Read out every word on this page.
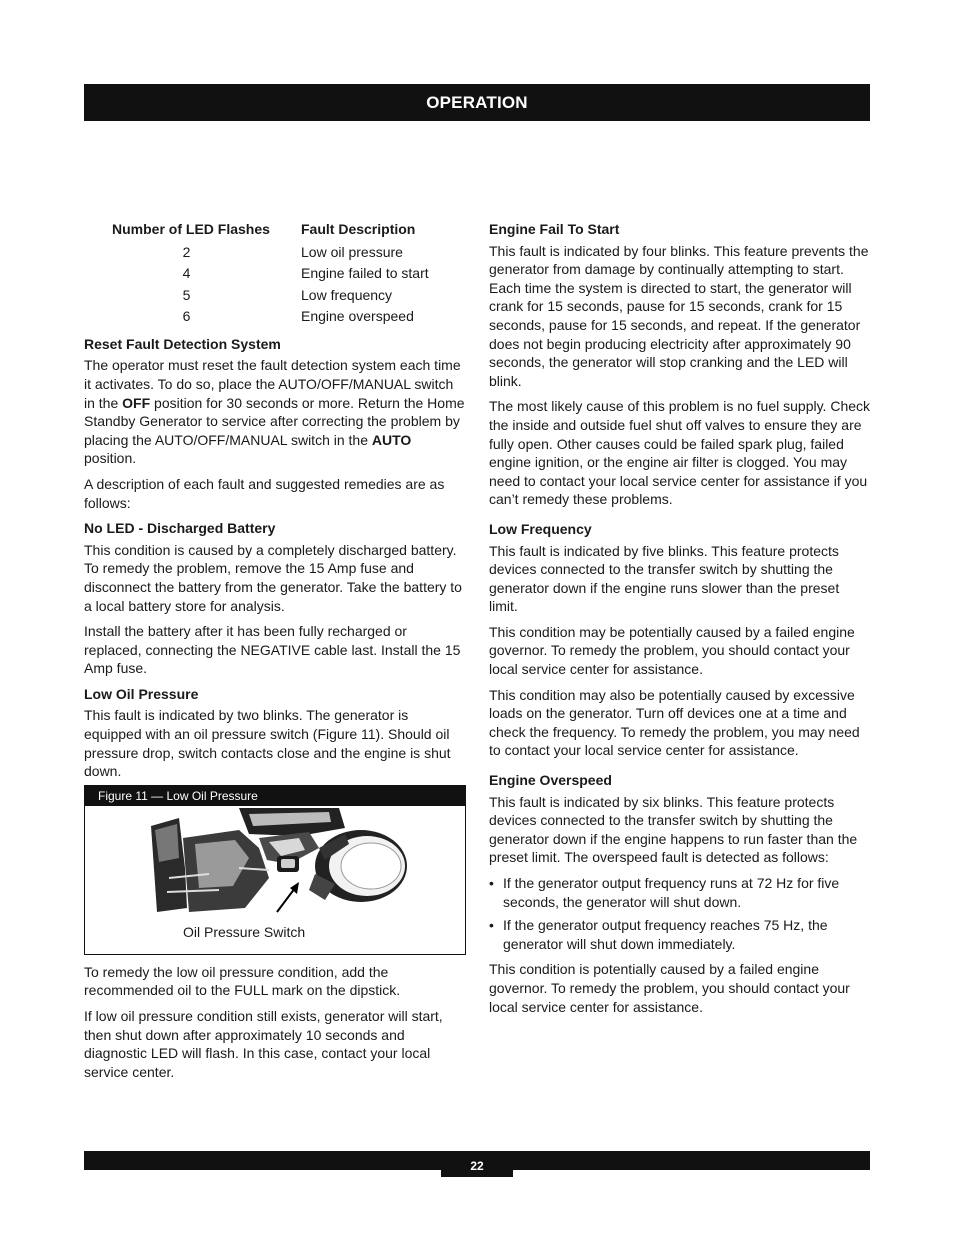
OPERATION
Number of LED Flashes	Fault Description
2	Low oil pressure
4	Engine failed to start
5	Low frequency
6	Engine overspeed
Reset Fault Detection System

The operator must reset the fault detection system each time it activates. To do so, place the AUTO/OFF/MANUAL switch in the OFF position for 30 seconds or more. Return the Home Standby Generator to service after correcting the problem by placing the AUTO/OFF/MANUAL switch in the AUTO position.

A description of each fault and suggested remedies are as follows:

No LED - Discharged Battery

This condition is caused by a completely discharged battery. To remedy the problem, remove the 15 Amp fuse and disconnect the battery from the generator. Take the battery to a local battery store for analysis.

Install the battery after it has been fully recharged or replaced, connecting the NEGATIVE cable last. Install the 15 Amp fuse.

Low Oil Pressure

This fault is indicated by two blinks. The generator is equipped with an oil pressure switch (Figure 11). Should oil pressure drop, switch contacts close and the engine is shut down.

Figure 11 — Low Oil Pressure
Oil Pressure Switch

To remedy the low oil pressure condition, add the recommended oil to the FULL mark on the dipstick.

If low oil pressure condition still exists, generator will start, then shut down after approximately 10 seconds and diagnostic LED will flash. In this case, contact your local service center.

Engine Fail To Start

This fault is indicated by four blinks. This feature prevents the generator from damage by continually attempting to start. Each time the system is directed to start, the generator will crank for 15 seconds, pause for 15 seconds, crank for 15 seconds, pause for 15 seconds, and repeat. If the generator does not begin producing electricity after approximately 90 seconds, the generator will stop cranking and the LED will blink.

The most likely cause of this problem is no fuel supply. Check the inside and outside fuel shut off valves to ensure they are fully open. Other causes could be failed spark plug, failed engine ignition, or the engine air filter is clogged. You may need to contact your local service center for assistance if you can’t remedy these problems.

Low Frequency

This fault is indicated by five blinks. This feature protects devices connected to the transfer switch by shutting the generator down if the engine runs slower than the preset limit.

This condition may be potentially caused by a failed engine governor. To remedy the problem, you should contact your local service center for assistance.

This condition may also be potentially caused by excessive loads on the generator. Turn off devices one at a time and check the frequency. To remedy the problem, you may need to contact your local service center for assistance.

Engine Overspeed

This fault is indicated by six blinks. This feature protects devices connected to the transfer switch by shutting the generator down if the engine happens to run faster than the preset limit. The overspeed fault is detected as follows:

• If the generator output frequency runs at 72 Hz for five seconds, the generator will shut down.
• If the generator output frequency reaches 75 Hz, the generator will shut down immediately.

This condition is potentially caused by a failed engine governor. To remedy the problem, you should contact your local service center for assistance.

22
